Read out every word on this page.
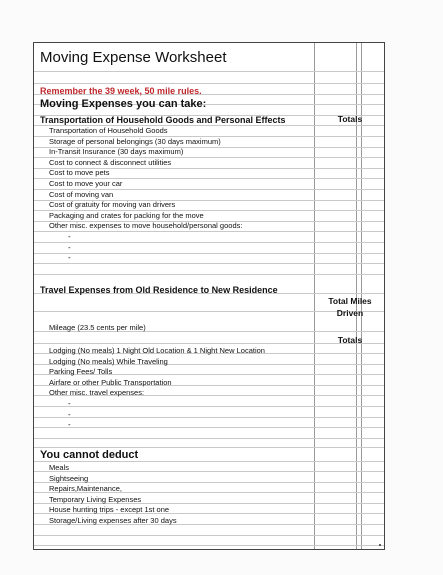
Moving Expense Worksheet
Remember the 39 week, 50 mile rules.
Moving Expenses you can take:
Transportation of Household Goods and Personal Effects	Totals
Transportation of Household Goods
Storage of personal belongings (30 days maximum)
In-Transit Insurance (30 days maximum)
Cost to connect & disconnect utilities
Cost to move pets
Cost to move your car
Cost of moving van
Cost of gratuity for moving van drivers
Packaging and crates for packing for the move
Other misc. expenses to move household/personal goods:
-
-
-
Travel Expenses from Old Residence to New Residence
Total Miles Driven
Mileage (23.5 cents per mile)
Totals
Lodging (No meals) 1 Night Old Location & 1 Night New Location
Lodging (No meals) While Traveling
Parking Fees/ Tolls
Airfare or other Public Transportation
Other misc. travel expenses:
-
-
-
You cannot deduct
Meals
Sightseeing
Repairs,Maintenance,
Temporary Living Expenses
House hunting trips - except 1st one
Storage/Living expenses after 30 days
